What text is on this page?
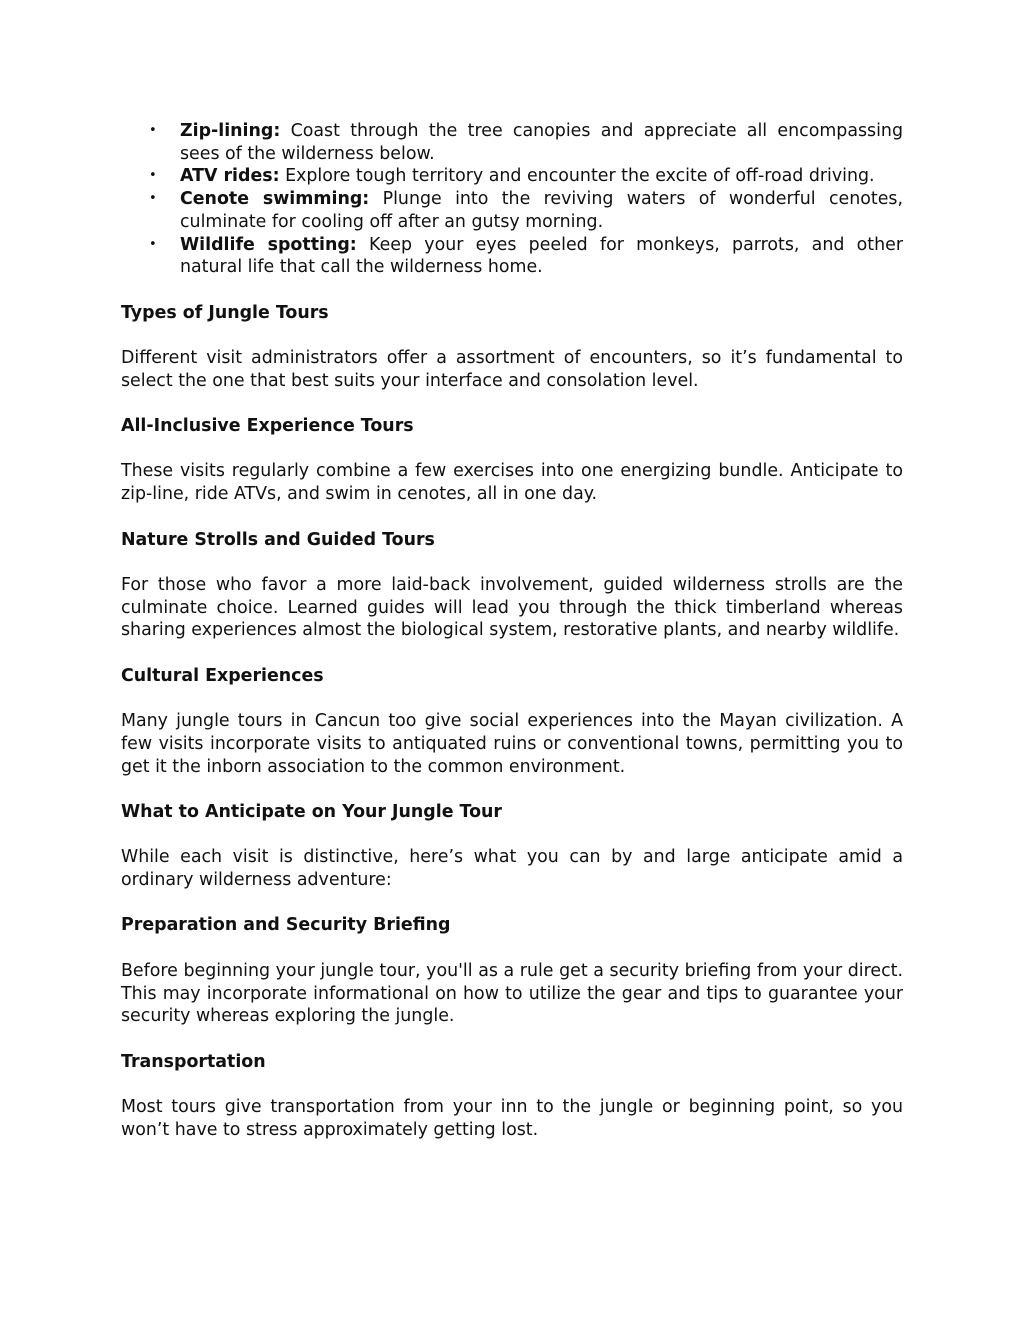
• Zip-lining: Coast through the tree canopies and appreciate all encompassing sees of the wilderness below.
• ATV rides: Explore tough territory and encounter the excite of off-road driving.
• Cenote swimming: Plunge into the reviving waters of wonderful cenotes, culminate for cooling off after an gutsy morning.
• Wildlife spotting: Keep your eyes peeled for monkeys, parrots, and other natural life that call the wilderness home.
Types of Jungle Tours

Different visit administrators offer a assortment of encounters, so it’s fundamental to select the one that best suits your interface and consolation level.

All-Inclusive Experience Tours

These visits regularly combine a few exercises into one energizing bundle. Anticipate to zip-line, ride ATVs, and swim in cenotes, all in one day.

Nature Strolls and Guided Tours

For those who favor a more laid-back involvement, guided wilderness strolls are the culminate choice. Learned guides will lead you through the thick timberland whereas sharing experiences almost the biological system, restorative plants, and nearby wildlife.

Cultural Experiences

Many jungle tours in Cancun too give social experiences into the Mayan civilization. A few visits incorporate visits to antiquated ruins or conventional towns, permitting you to get it the inborn association to the common environment.

What to Anticipate on Your Jungle Tour

While each visit is distinctive, here’s what you can by and large anticipate amid a ordinary wilderness adventure:

Preparation and Security Briefing

Before beginning your jungle tour, you'll as a rule get a security briefing from your direct. This may incorporate informational on how to utilize the gear and tips to guarantee your security whereas exploring the jungle.

Transportation

Most tours give transportation from your inn to the jungle or beginning point, so you won’t have to stress approximately getting lost.
